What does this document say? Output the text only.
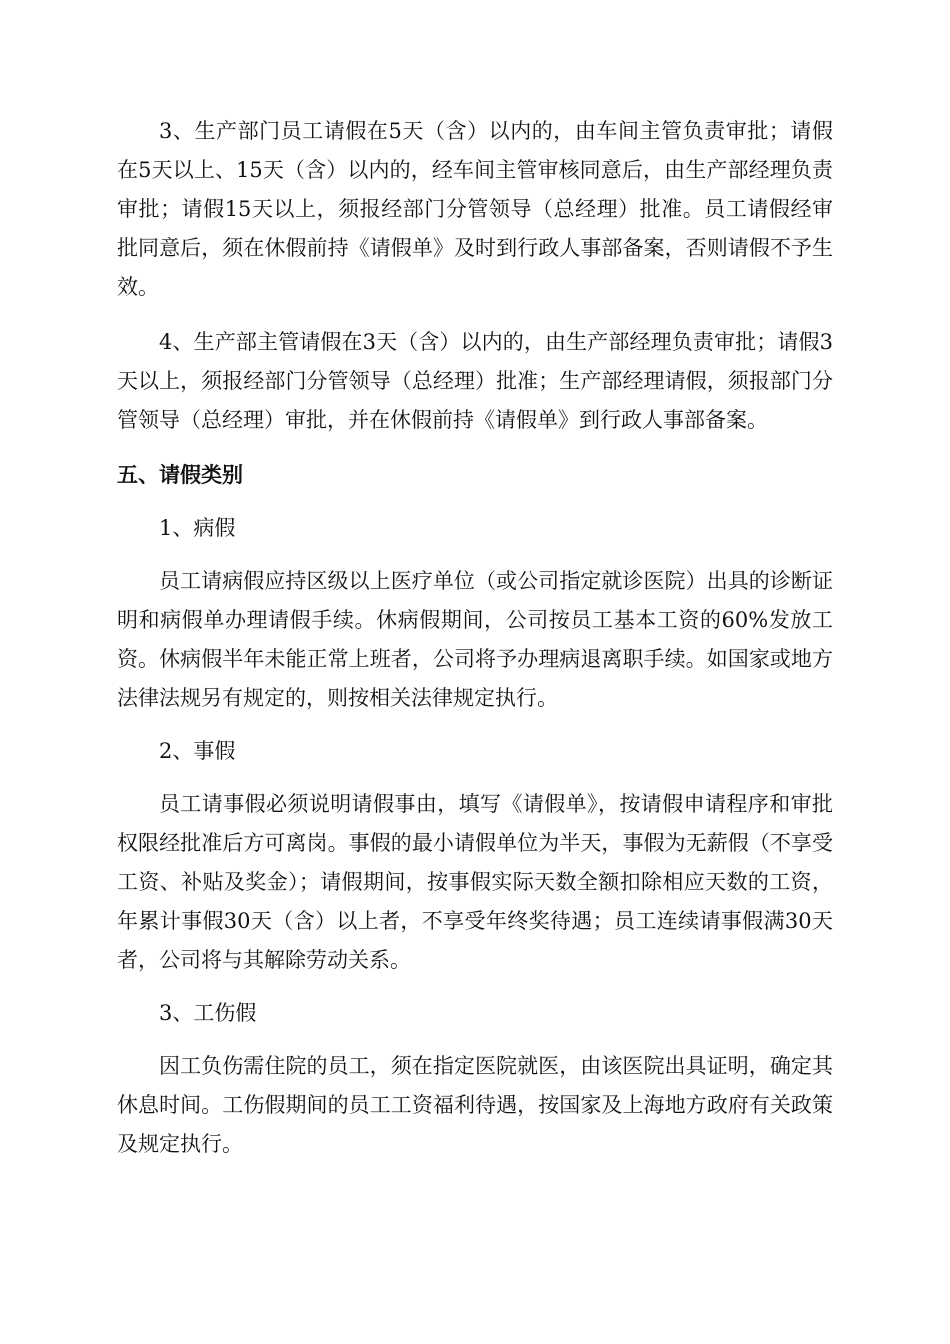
3、生产部门员工请假在5天（含）以内的，由车间主管负责审批；请假在5天以上、15天（含）以内的，经车间主管审核同意后，由生产部经理负责审批；请假15天以上，须报经部门分管领导（总经理）批准。员工请假经审批同意后，须在休假前持《请假单》及时到行政人事部备案，否则请假不予生效。

4、生产部主管请假在3天（含）以内的，由生产部经理负责审批；请假3天以上，须报经部门分管领导（总经理）批准；生产部经理请假，须报部门分管领导（总经理）审批，并在休假前持《请假单》到行政人事部备案。

五、请假类别

1、病假

员工请病假应持区级以上医疗单位（或公司指定就诊医院）出具的诊断证明和病假单办理请假手续。休病假期间，公司按员工基本工资的60%发放工资。休病假半年未能正常上班者，公司将予办理病退离职手续。如国家或地方法律法规另有规定的，则按相关法律规定执行。

2、事假

员工请事假必须说明请假事由，填写《请假单》，按请假申请程序和审批权限经批准后方可离岗。事假的最小请假单位为半天，事假为无薪假（不享受工资、补贴及奖金）；请假期间，按事假实际天数全额扣除相应天数的工资，年累计事假30天（含）以上者，不享受年终奖待遇；员工连续请事假满30天者，公司将与其解除劳动关系。

3、工伤假

因工负伤需住院的员工，须在指定医院就医，由该医院出具证明，确定其休息时间。工伤假期间的员工工资福利待遇，按国家及上海地方政府有关政策及规定执行。
